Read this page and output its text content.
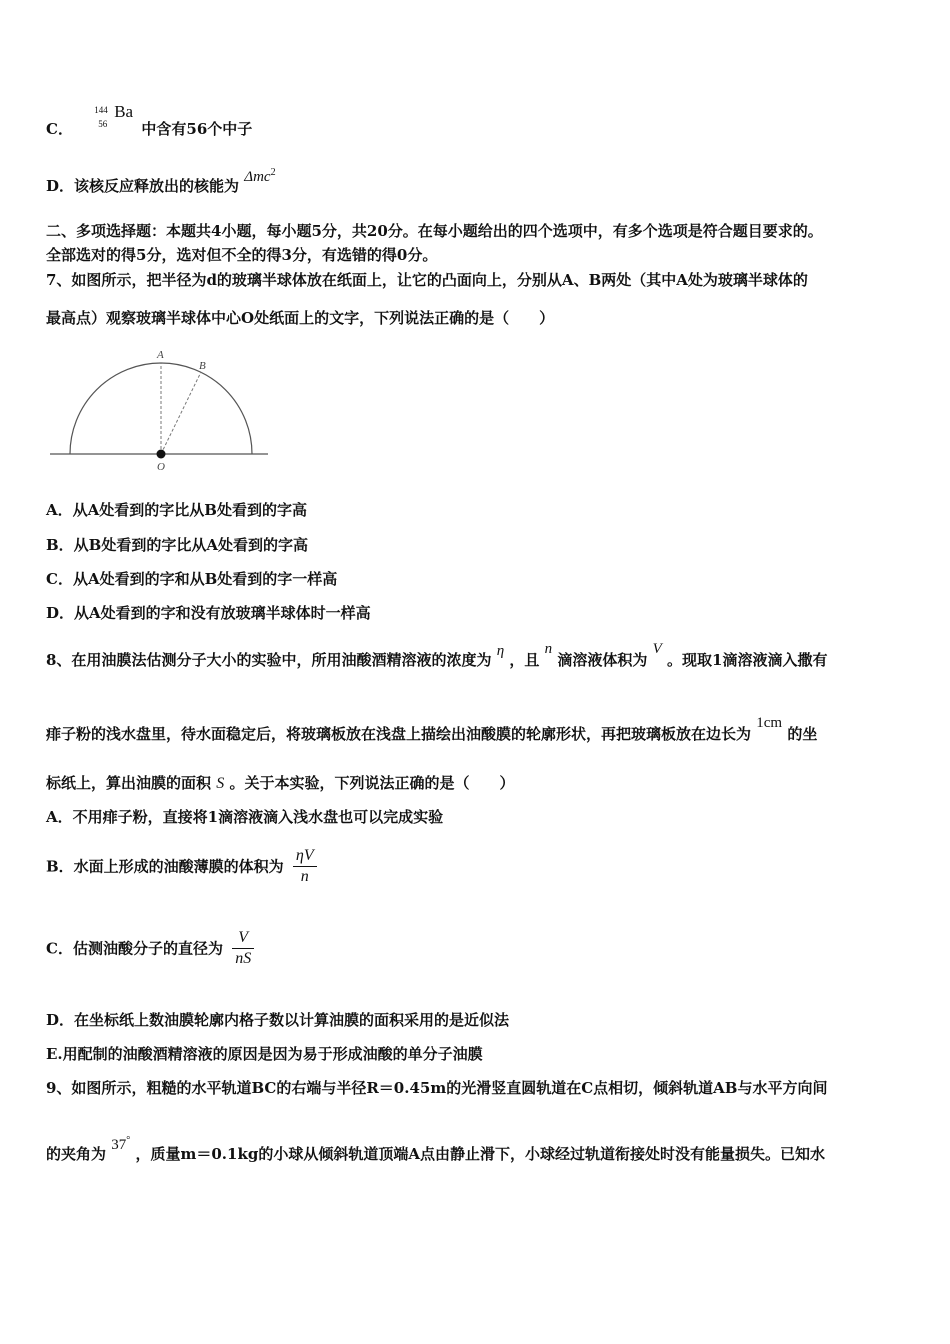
C．
144
56
Ba
中含有56个中子
D．该核反应释放出的核能为 Δmc$^2$
二、多项选择题：本题共4小题，每小题5分，共20分。在每小题给出的四个选项中，有多个选项是符合题目要求的。
全部选对的得5分，选对但不全的得3分，有选错的得0分。
7、如图所示，把半径为d的玻璃半球体放在纸面上，让它的凸面向上，分别从A、B两处（其中A处为玻璃半球体的
最高点）观察玻璃半球体中心O处纸面上的文字，下列说法正确的是（　　）
A
B
O
A．从A处看到的字比从B处看到的字高
B．从B处看到的字比从A处看到的字高
C．从A处看到的字和从B处看到的字一样高
D．从A处看到的字和没有放玻璃半球体时一样高
8、在用油膜法估测分子大小的实验中，所用油酸酒精溶液的浓度为 η ，且 n 滴溶液体积为 V 。现取1滴溶液滴入撒有
痱子粉的浅水盘里，待水面稳定后，将玻璃板放在浅盘上描绘出油酸膜的轮廓形状，再把玻璃板放在边长为 1cm 的坐
标纸上，算出油膜的面积 S 。关于本实验，下列说法正确的是（　　）
A．不用痱子粉，直接将1滴溶液滴入浅水盘也可以完成实验
B．水面上形成的油酸薄膜的体积为 $\frac{\eta V}{n}$
C．估测油酸分子的直径为 $\frac{V}{nS}$
D．在坐标纸上数油膜轮廓内格子数以计算油膜的面积采用的是近似法
E.用配制的油酸酒精溶液的原因是因为易于形成油酸的单分子油膜
9、如图所示，粗糙的水平轨道BC的右端与半径R＝0.45m的光滑竖直圆轨道在C点相切，倾斜轨道AB与水平方向间
的夹角为 37° ，质量m＝0.1kg的小球从倾斜轨道顶端A点由静止滑下，小球经过轨道衔接处时没有能量损失。已知水
